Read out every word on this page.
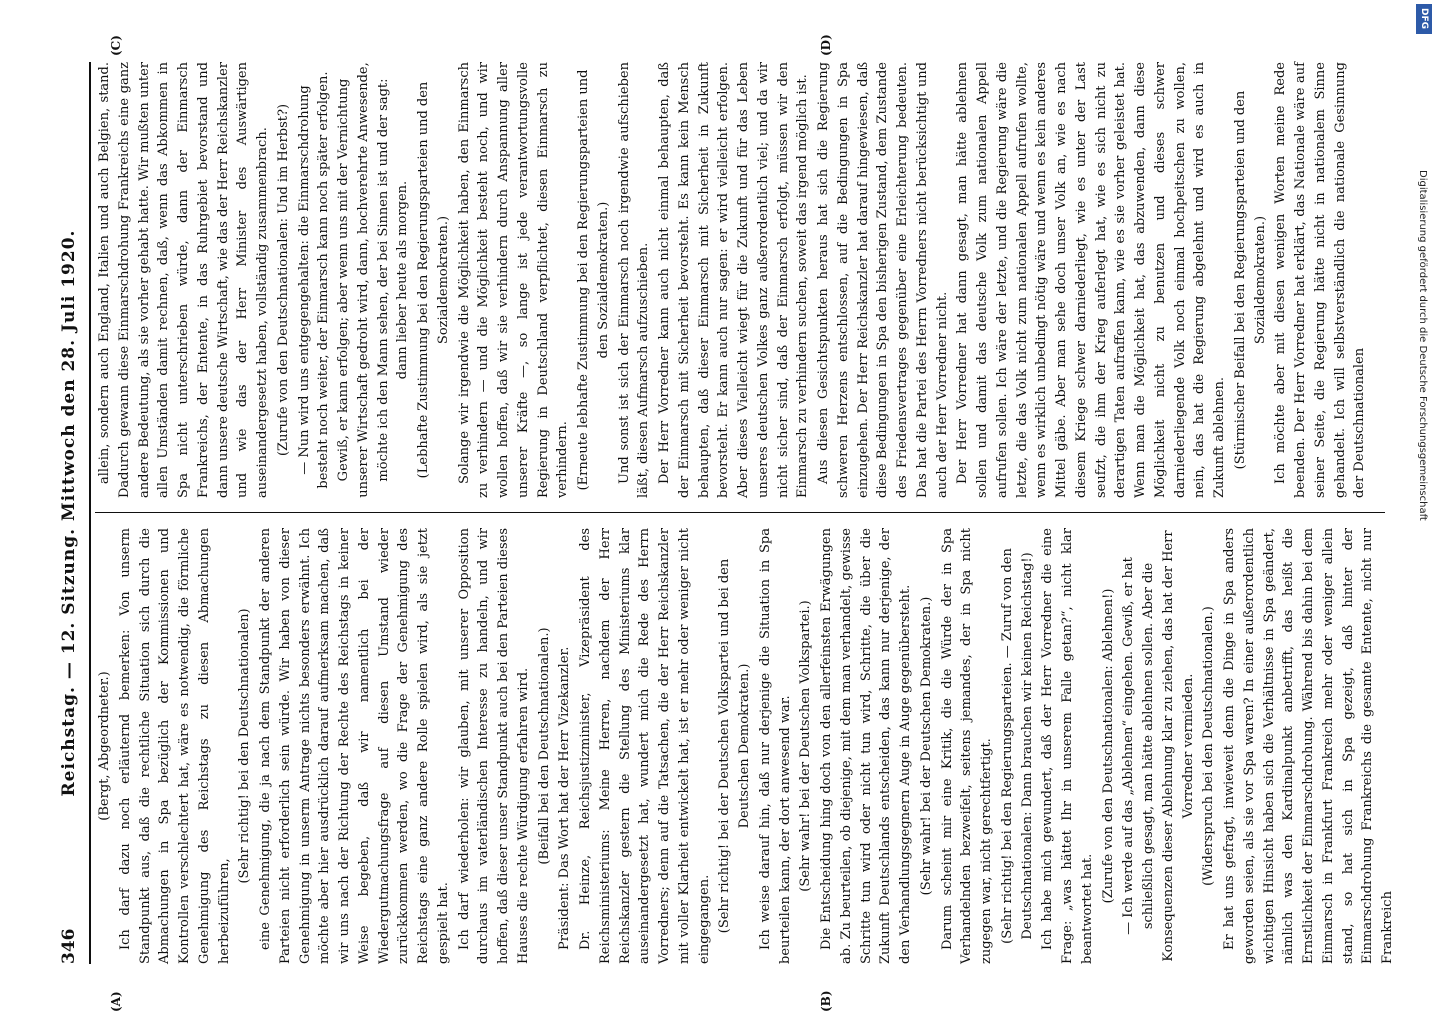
346
Reichstag. — 12. Sitzung. Mittwoch den 28. Juli 1920. (Bergt, Abgeordneter.) Ich darf dazu noch erläuternd bemerken: Von unserm Standpunkt aus, daß die rechtliche Situation sich durch die Abmachungen in Spa bezüglich der Kommissionen und Kontrollen verschlechtert hat, wäre es notwendig, die förmliche Genehmigung des Reichstags zu diesen Abmachungen herbeizuführen,

(Sehr richtig! bei den Deutschnationalen) eine Genehmigung, die ja nach dem Standpunkt der anderen Parteien nicht erforderlich sein würde. Wir haben von dieser Genehmigung in unserm Antrage nichts besonders erwähnt. Ich möchte aber hier ausdrücklich darauf aufmerksam machen, daß wir uns nach der Richtung der Rechte des Reichstags in keiner Weise begeben, daß wir namentlich bei der Wiedergutmachungsfrage auf diesen Umstand wieder zurückkommen werden, wo die Frage der Genehmigung des Reichstags eine ganz andere Rolle spielen wird, als sie jetzt gespielt hat. Ich darf wiederholen: wir glauben, mit unserer Opposition durchaus im vaterländischen Interesse zu handeln, und wir hoffen, daß dieser unser Standpunkt auch bei den Parteien dieses Hauses die rechte Würdigung erfahren wird. (Beifall bei den Deutschnationalen.) Präsident: Das Wort hat der Herr Vizekanzler. Dr. Heinze, Reichsjustizminister, Vizepräsident des Reichsministeriums: Meine Herren, nachdem der Herr Reichskanzler gestern die Stellung des Ministeriums klar auseinandergesetzt hat, wundert mich die Rede des Herrn Vorredners; denn auf die Tatsachen, die der Herr Reichskanzler mit voller Klarheit entwickelt hat, ist er mehr oder weniger nicht eingegangen. (Sehr richtig! bei der Deutschen Volkspartei und bei den Deutschen Demokraten.) Ich weise darauf hin, daß nur derjenige die Situation in Spa beurteilen kann, der dort anwesend war. (Sehr wahr! bei der Deutschen Volkspartei.) Die Entscheidung hing doch von den allerfeinsten Erwägungen ab. Zu beurteilen, ob diejenige, mit dem man verhandelt, gewisse Schritte tun wird oder nicht tun wird, Schritte, die über die Zukunft Deutschlands entscheiden, das kann nur derjenige, der den Verhandlungsgegnern Auge in Auge gegenübersteht. (Sehr wahr! bei der Deutschen Demokraten.) Darum scheint mir eine Kritik, die die Würde der in Spa Verhandelnden bezweifelt, seitens jemandes, der in Spa nicht zugegen war, nicht gerechtfertigt. (Sehr richtig! bei den Regierungsparteien. — Zuruf von den Deutschnationalen: Dann brauchen wir keinen Reichstag!) Ich habe mich gewundert, daß der Herr Vorredner die eine Frage: „was hättet Ihr in unserem Falle getan?“, nicht klar beantwortet hat.

(Zurufe von den Deutschnationalen: Ablehnen!) — Ich werde auf das „Ablehnen“ eingehen. Gewiß, er hat schließlich gesagt, man hätte ablehnen sollen. Aber die Konsequenzen dieser Ablehnung klar zu ziehen, das hat der Herr Vorredner vermieden. (Widerspruch bei den Deutschnationalen.) Er hat uns gefragt, inwieweit denn die Dinge in Spa anders geworden seien, als sie vor Spa waren? In einer außerordentlich wichtigen Hinsicht haben sich die Verhältnisse in Spa geändert, nämlich was den Kardinalpunkt anbetrifft, das heißt die Ernstlichkeit der Einmarschdrohung. Während bis dahin bei dem Einmarsch in Frankfurt Frankreich mehr oder weniger allein stand, so hat sich in Spa gezeigt, daß hinter der Einmarschdrohung Frankreichs die gesamte Entente, nicht nur Frankreich

allein, sondern auch England, Italien und auch Belgien, stand. Dadurch gewann diese Einmarschdrohung Frankreichs eine ganz andere Bedeutung, als sie vorher gehabt hatte. Wir mußten unter allen Umständen damit rechnen, daß, wenn das Abkommen in Spa nicht unterschrieben würde, dann der Einmarsch Frankreichs, der Entente, in das Ruhrgebiet bevorstand und dann unsere deutsche Wirtschaft, wie das der Herr Reichskanzler und wie das der Herr Minister des Auswärtigen auseinandergesetzt haben, vollständig zusammenbrach. (Zurufe von den Deutschnationalen: Und im Herbst?) — Nun wird uns entgegengehalten: die Einmarschdrohung besteht noch weiter, der Einmarsch kann noch später erfolgen. Gewiß, er kann erfolgen; aber wenn uns mit der Vernichtung unserer Wirtschaft gedroht wird, dann, hochverehrte Anwesende, möchte ich den Mann sehen, der bei Sinnen ist und der sagt: dann lieber heute als morgen. (Lebhafte Zustimmung bei den Regierungsparteien und den Sozialdemokraten.) Solange wir irgendwie die Möglichkeit haben, den Einmarsch zu verhindern — und die Möglichkeit besteht noch, und wir wollen hoffen, daß wir sie verhindern durch Anspannung aller unserer Kräfte —, so lange ist jede verantwortungsvolle Regierung in Deutschland verpflichtet, diesen Einmarsch zu verhindern. (Erneute lebhafte Zustimmung bei den Regierungsparteien und den Sozialdemokraten.) Und sonst ist sich der Einmarsch noch irgendwie aufschieben läßt, diesen Aufmarsch aufzuschieben. Der Herr Vorredner kann auch nicht einmal behaupten, daß der Einmarsch mit Sicherheit bevorsteht. Es kann kein Mensch behaupten, daß dieser Einmarsch mit Sicherheit in Zukunft bevorsteht. Er kann auch nur sagen: er wird vielleicht erfolgen. Aber dieses Vielleicht wiegt für die Zukunft und für das Leben unseres deutschen Volkes ganz außerordentlich viel; und da wir nicht sicher sind, daß der Einmarsch erfolgt, müssen wir den Einmarsch zu verhindern suchen, soweit das irgend möglich ist. Aus diesen Gesichtspunkten heraus hat sich die Regierung schweren Herzens entschlossen, auf die Bedingungen in Spa einzugehen. Der Herr Reichskanzler hat darauf hingewiesen, daß diese Bedingungen in Spa den bisherigen Zustand, dem Zustande des Friedensvertrages gegenüber eine Erleichterung bedeuten. Das hat die Partei des Herrn Vorredners nicht berücksichtigt und auch der Herr Vorredner nicht. Der Herr Vorredner hat dann gesagt, man hätte ablehnen sollen und damit das deutsche Volk zum nationalen Appell aufrufen sollen. Ich wäre der letzte, und die Regierung wäre die letzte, die das Volk nicht zum nationalen Appell aufrufen wollte, wenn es wirklich unbedingt nötig wäre und wenn es kein anderes Mittel gäbe. Aber man sehe doch unser Volk an, wie es nach diesem Kriege schwer darniederliegt, wie es unter der Last seufzt, die ihm der Krieg auferlegt hat, wie es sich nicht zu derartigen Taten aufraffen kann, wie es sie vorher geleistet hat. Wenn man die Möglichkeit hat, das abzuwenden, dann diese Möglichkeit nicht zu benutzen und dieses schwer darniederliegende Volk noch einmal hochpeitschen zu wollen, nein, das hat die Regierung abgelehnt und wird es auch in Zukunft ablehnen. (Stürmischer Beifall bei den Regierungsparteien und den Sozialdemokraten.) Ich möchte aber mit diesen wenigen Worten meine Rede beenden. Der Herr Vorredner hat erklärt, das Nationale wäre auf seiner Seite, die Regierung hätte nicht in nationalem Sinne gehandelt. Ich will selbstverständlich die nationale Gesinnung der Deutschnationalen

(A)	(B)
(C)	(D)
DFG
Digitalisierung gefördert durch die Deutsche Forschungsgemeinschaft
